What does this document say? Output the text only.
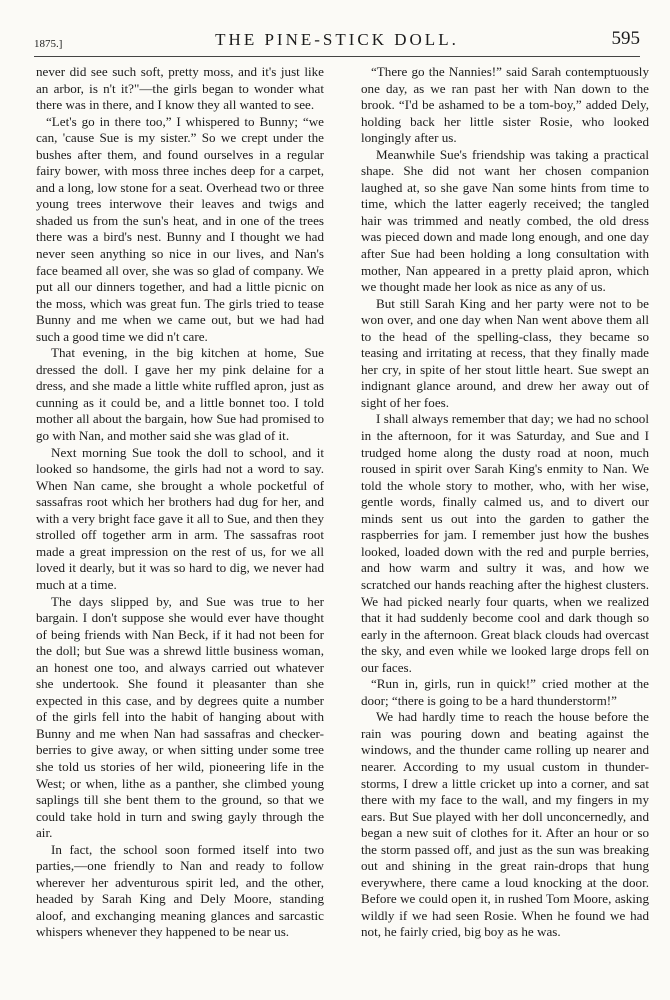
1875.]	THE PINE-STICK DOLL.	595

never did see such soft, pretty moss, and it's just like an arbor, is n't it?"—the girls began to wonder what there was in there, and I know they all wanted to see.

“Let's go in there too,” I whispered to Bunny; “we can, 'cause Sue is my sister.” So we crept under the bushes after them, and found ourselves in a regular fairy bower, with moss three inches deep for a carpet, and a long, low stone for a seat. Overhead two or three young trees interwove their leaves and twigs and shaded us from the sun's heat, and in one of the trees there was a bird's nest. Bunny and I thought we had never seen anything so nice in our lives, and Nan's face beamed all over, she was so glad of company. We put all our dinners together, and had a little picnic on the moss, which was great fun. The girls tried to tease Bunny and me when we came out, but we had had such a good time we did n't care.

That evening, in the big kitchen at home, Sue dressed the doll. I gave her my pink delaine for a dress, and she made a little white ruffled apron, just as cunning as it could be, and a little bonnet too. I told mother all about the bargain, how Sue had promised to go with Nan, and mother said she was glad of it.

Next morning Sue took the doll to school, and it looked so handsome, the girls had not a word to say. When Nan came, she brought a whole pocketful of sassafras root which her brothers had dug for her, and with a very bright face gave it all to Sue, and then they strolled off together arm in arm. The sassafras root made a great impression on the rest of us, for we all loved it dearly, but it was so hard to dig, we never had much at a time.

The days slipped by, and Sue was true to her bargain. I don't suppose she would ever have thought of being friends with Nan Beck, if it had not been for the doll; but Sue was a shrewd little business woman, an honest one too, and always carried out whatever she undertook. She found it pleasanter than she expected in this case, and by degrees quite a number of the girls fell into the habit of hanging about with Bunny and me when Nan had sassafras and checker-berries to give away, or when sitting under some tree she told us stories of her wild, pioneering life in the West; or when, lithe as a panther, she climbed young saplings till she bent them to the ground, so that we could take hold in turn and swing gayly through the air.

In fact, the school soon formed itself into two parties,—one friendly to Nan and ready to follow wherever her adventurous spirit led, and the other, headed by Sarah King and Dely Moore, standing aloof, and exchanging meaning glances and sarcastic whispers whenever they happened to be near us.

“There go the Nannies!” said Sarah contemptuously one day, as we ran past her with Nan down to the brook. “I'd be ashamed to be a tom-boy,” added Dely, holding back her little sister Rosie, who looked longingly after us.

Meanwhile Sue's friendship was taking a practical shape. She did not want her chosen companion laughed at, so she gave Nan some hints from time to time, which the latter eagerly received; the tangled hair was trimmed and neatly combed, the old dress was pieced down and made long enough, and one day after Sue had been holding a long consultation with mother, Nan appeared in a pretty plaid apron, which we thought made her look as nice as any of us.

But still Sarah King and her party were not to be won over, and one day when Nan went above them all to the head of the spelling-class, they became so teasing and irritating at recess, that they finally made her cry, in spite of her stout little heart. Sue swept an indignant glance around, and drew her away out of sight of her foes.

I shall always remember that day; we had no school in the afternoon, for it was Saturday, and Sue and I trudged home along the dusty road at noon, much roused in spirit over Sarah King's enmity to Nan. We told the whole story to mother, who, with her wise, gentle words, finally calmed us, and to divert our minds sent us out into the garden to gather the raspberries for jam. I remember just how the bushes looked, loaded down with the red and purple berries, and how warm and sultry it was, and how we scratched our hands reaching after the highest clusters. We had picked nearly four quarts, when we realized that it had suddenly become cool and dark though so early in the afternoon. Great black clouds had overcast the sky, and even while we looked large drops fell on our faces.

“Run in, girls, run in quick!” cried mother at the door; “there is going to be a hard thunderstorm!”

We had hardly time to reach the house before the rain was pouring down and beating against the windows, and the thunder came rolling up nearer and nearer. According to my usual custom in thunder-storms, I drew a little cricket up into a corner, and sat there with my face to the wall, and my fingers in my ears. But Sue played with her doll unconcernedly, and began a new suit of clothes for it. After an hour or so the storm passed off, and just as the sun was breaking out and shining in the great rain-drops that hung everywhere, there came a loud knocking at the door. Before we could open it, in rushed Tom Moore, asking wildly if we had seen Rosie. When he found we had not, he fairly cried, big boy as he was.
